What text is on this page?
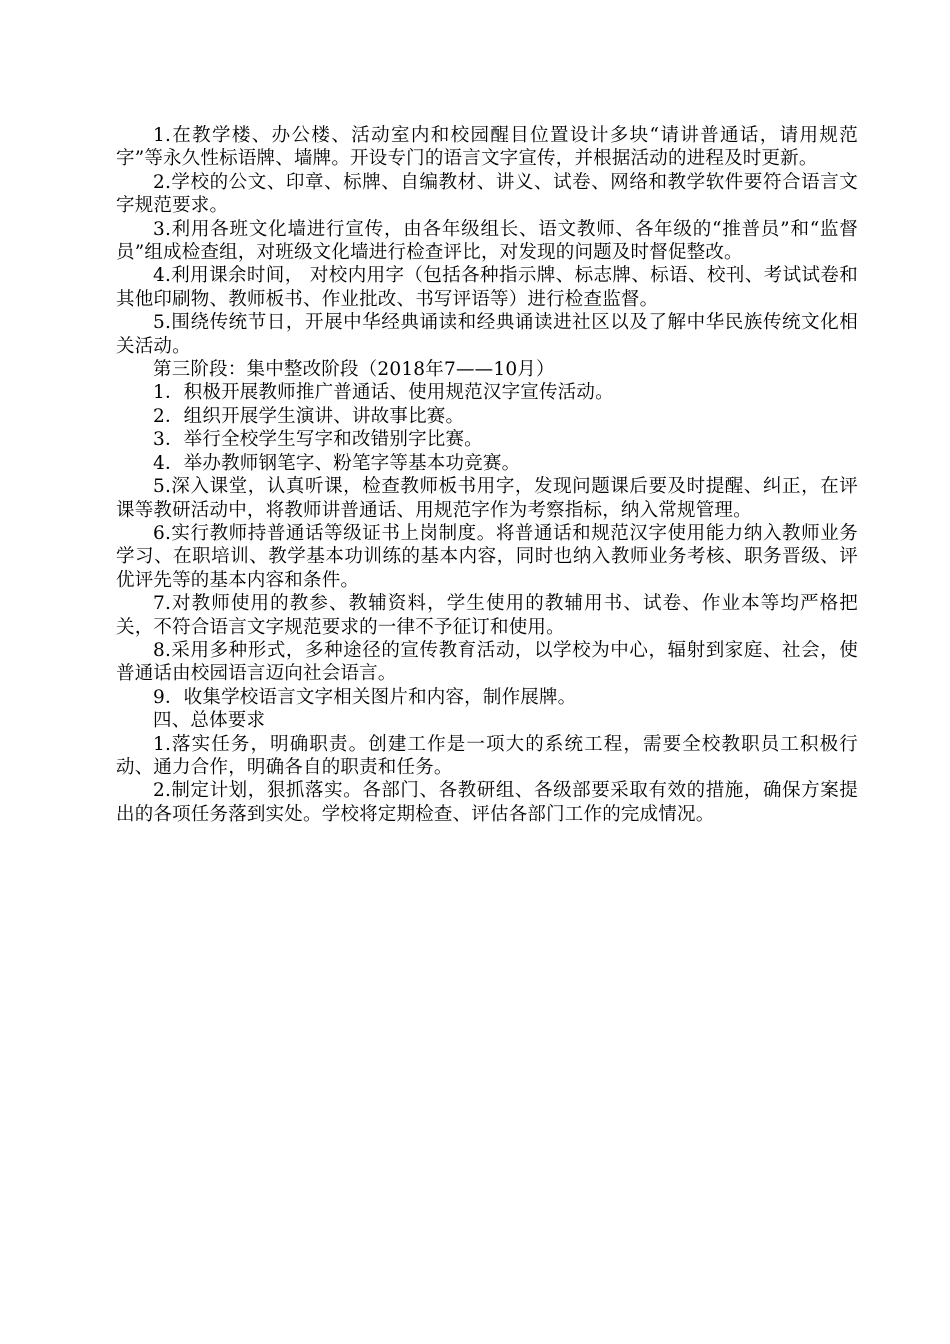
1.在教学楼、办公楼、活动室内和校园醒目位置设计多块“请讲普通话，请用规范字”等永久性标语牌、墙牌。开设专门的语言文字宣传，并根据活动的进程及时更新。

2.学校的公文、印章、标牌、自编教材、讲义、试卷、网络和教学软件要符合语言文字规范要求。

3.利用各班文化墙进行宣传，由各年级组长、语文教师、各年级的“推普员”和“监督员”组成检查组，对班级文化墙进行检查评比，对发现的问题及时督促整改。

4.利用课余时间， 对校内用字（包括各种指示牌、标志牌、标语、校刊、考试试卷和其他印刷物、教师板书、作业批改、书写评语等）进行检查监督。

5.围绕传统节日，开展中华经典诵读和经典诵读进社区以及了解中华民族传统文化相关活动。

第三阶段：集中整改阶段（2018年7——10月）

1．积极开展教师推广普通话、使用规范汉字宣传活动。

2．组织开展学生演讲、讲故事比赛。

3．举行全校学生写字和改错别字比赛。

4．举办教师钢笔字、粉笔字等基本功竞赛。

5.深入课堂，认真听课，检查教师板书用字，发现问题课后要及时提醒、纠正，在评课等教研活动中，将教师讲普通话、用规范字作为考察指标，纳入常规管理。

6.实行教师持普通话等级证书上岗制度。将普通话和规范汉字使用能力纳入教师业务学习、在职培训、教学基本功训练的基本内容，同时也纳入教师业务考核、职务晋级、评优评先等的基本内容和条件。

7.对教师使用的教参、教辅资料，学生使用的教辅用书、试卷、作业本等均严格把关，不符合语言文字规范要求的一律不予征订和使用。

8.采用多种形式，多种途径的宣传教育活动，以学校为中心，辐射到家庭、社会，使普通话由校园语言迈向社会语言。

9．收集学校语言文字相关图片和内容，制作展牌。

四、总体要求

1.落实任务，明确职责。创建工作是一项大的系统工程，需要全校教职员工积极行动、通力合作，明确各自的职责和任务。

2.制定计划，狠抓落实。各部门、各教研组、各级部要采取有效的措施，确保方案提出的各项任务落到实处。学校将定期检查、评估各部门工作的完成情况。
